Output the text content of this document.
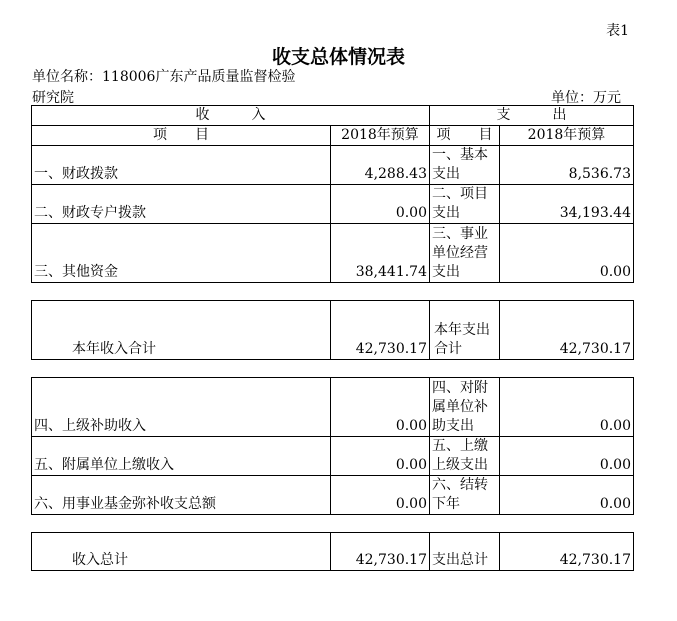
表1
收支总体情况表
单位名称：118006广东产品质量监督检验
研究院	单位：万元
收　　　入		支　　　出	
项　　目	2018年预算	项　　目	2018年预算
一、财政拨款	4,288.43	一、基本支出	8,536.73
二、财政专户拨款	0.00	二、项目支出	34,193.44
三、其他资金	38,441.74	三、事业单位经营支出	0.00

本年收入合计	42,730.17	本年支出合计	42,730.17

四、上级补助收入	0.00	四、对附属单位补助支出	0.00
五、附属单位上缴收入	0.00	五、上缴上级支出	0.00
六、用事业基金弥补收支总额	0.00	六、结转下年	0.00

收入总计	42,730.17	支出总计	42,730.17
